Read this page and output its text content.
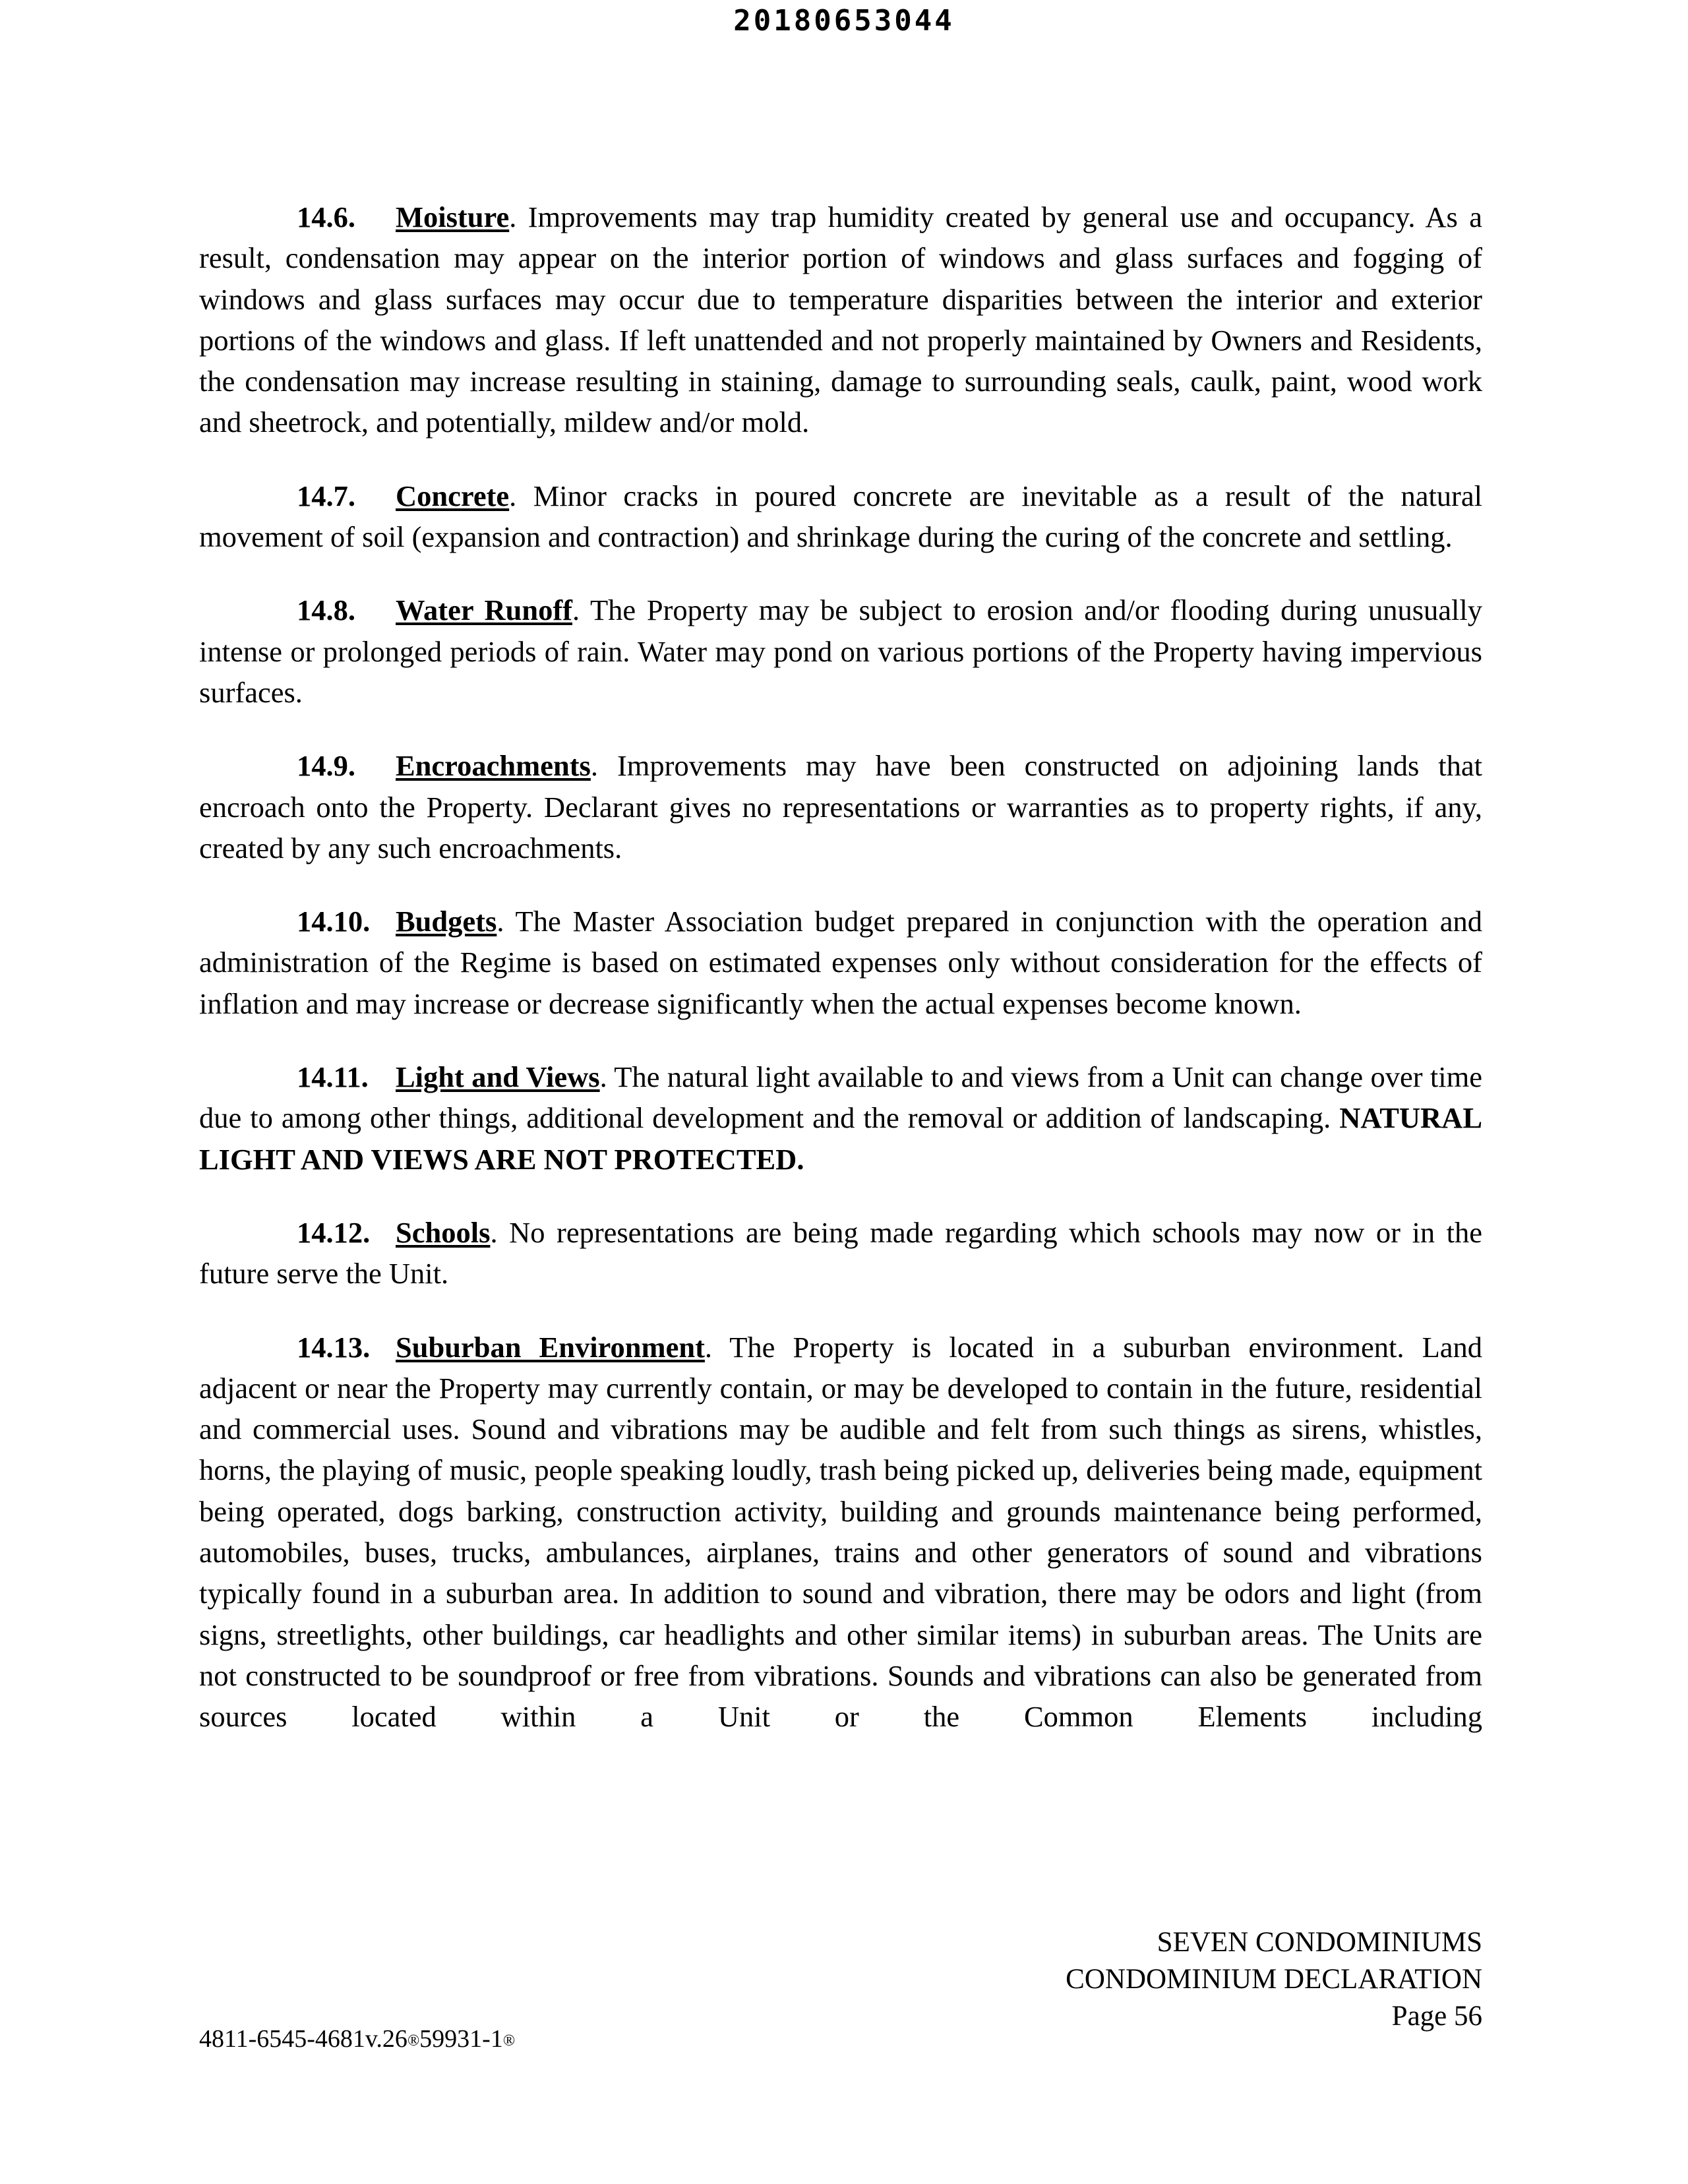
20180653044

14.6. Moisture. Improvements may trap humidity created by general use and occupancy. As a result, condensation may appear on the interior portion of windows and glass surfaces and fogging of windows and glass surfaces may occur due to temperature disparities between the interior and exterior portions of the windows and glass. If left unattended and not properly maintained by Owners and Residents, the condensation may increase resulting in staining, damage to surrounding seals, caulk, paint, wood work and sheetrock, and potentially, mildew and/or mold.

14.7. Concrete. Minor cracks in poured concrete are inevitable as a result of the natural movement of soil (expansion and contraction) and shrinkage during the curing of the concrete and settling.

14.8. Water Runoff. The Property may be subject to erosion and/or flooding during unusually intense or prolonged periods of rain. Water may pond on various portions of the Property having impervious surfaces.

14.9. Encroachments. Improvements may have been constructed on adjoining lands that encroach onto the Property. Declarant gives no representations or warranties as to property rights, if any, created by any such encroachments.

14.10. Budgets. The Master Association budget prepared in conjunction with the operation and administration of the Regime is based on estimated expenses only without consideration for the effects of inflation and may increase or decrease significantly when the actual expenses become known.

14.11. Light and Views. The natural light available to and views from a Unit can change over time due to among other things, additional development and the removal or addition of landscaping. NATURAL LIGHT AND VIEWS ARE NOT PROTECTED.

14.12. Schools. No representations are being made regarding which schools may now or in the future serve the Unit.

14.13. Suburban Environment. The Property is located in a suburban environment. Land adjacent or near the Property may currently contain, or may be developed to contain in the future, residential and commercial uses. Sound and vibrations may be audible and felt from such things as sirens, whistles, horns, the playing of music, people speaking loudly, trash being picked up, deliveries being made, equipment being operated, dogs barking, construction activity, building and grounds maintenance being performed, automobiles, buses, trucks, ambulances, airplanes, trains and other generators of sound and vibrations typically found in a suburban area. In addition to sound and vibration, there may be odors and light (from signs, streetlights, other buildings, car headlights and other similar items) in suburban areas. The Units are not constructed to be soundproof or free from vibrations. Sounds and vibrations can also be generated from sources located within a Unit or the Common Elements including

SEVEN CONDOMINIUMS
CONDOMINIUM DECLARATION
Page 56
4811-6545-4681v.26®59931-1®
